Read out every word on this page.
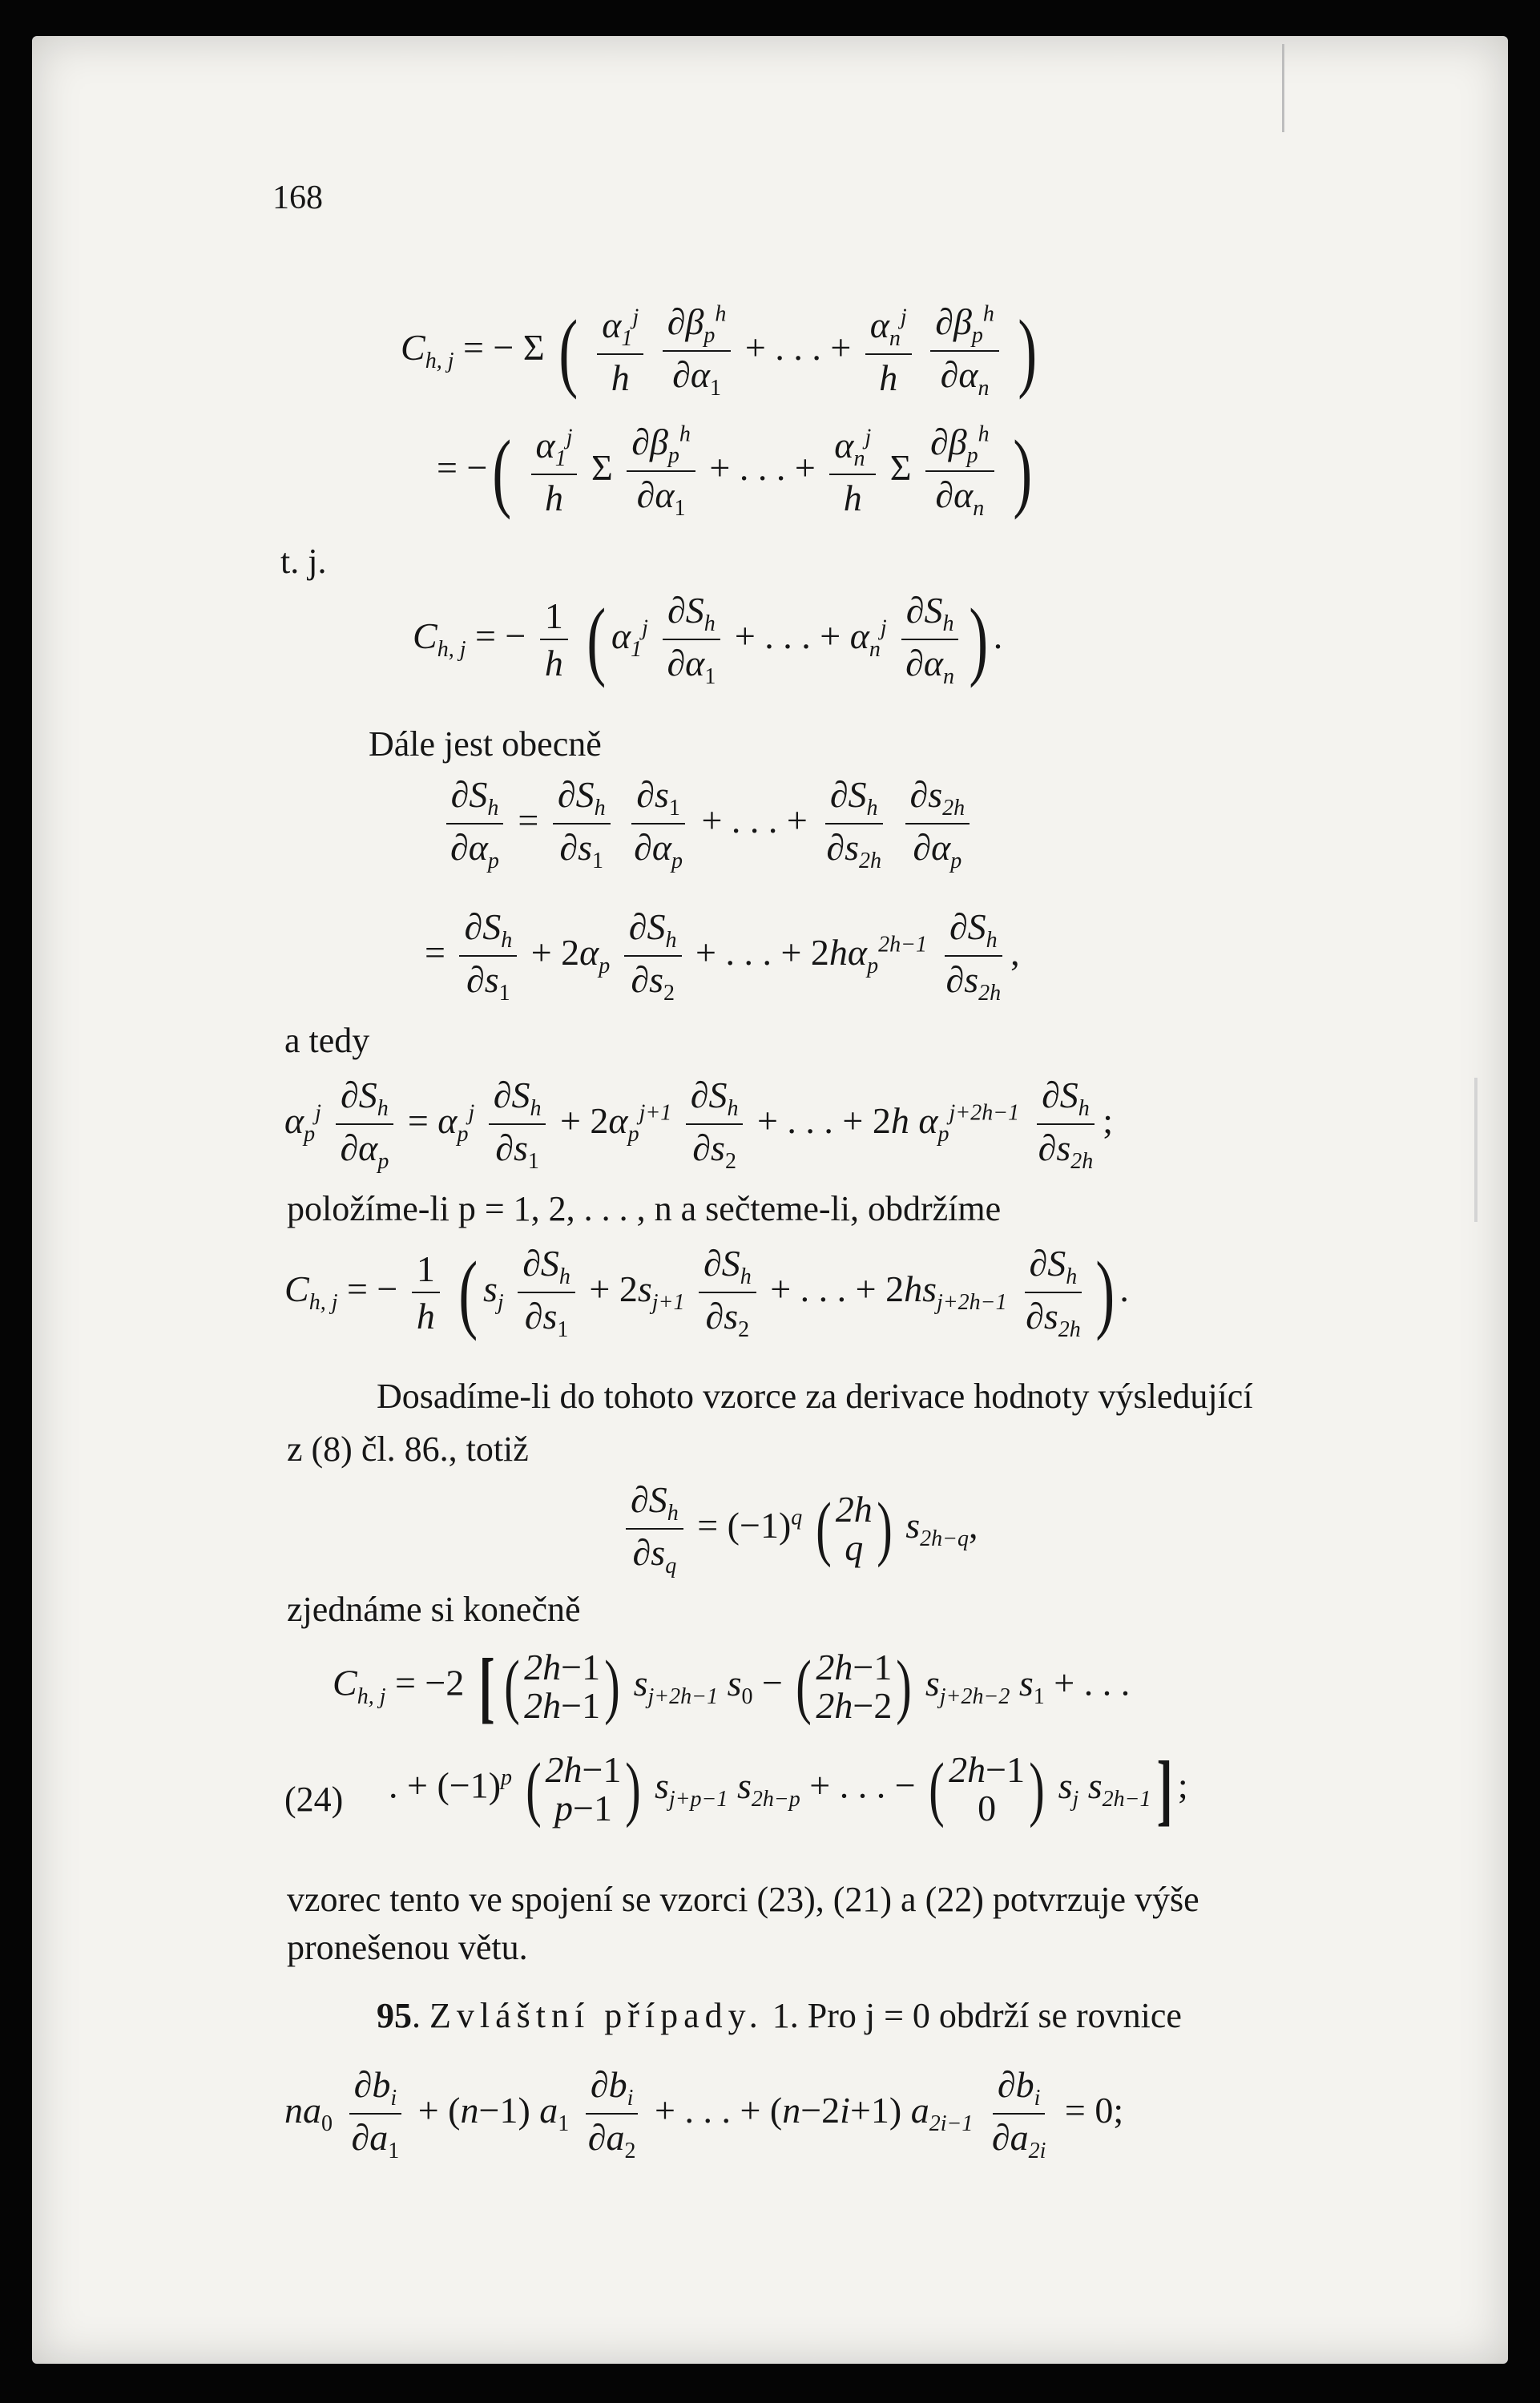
168
$C_{h, j}$ = − Σ ( $\frac{\alpha_1^j}{h}$
$\frac{\partial\beta_p^h}{\partial\alpha_1}$ + . . . + $\frac{\alpha_n^j}{h}$
$\frac{\partial\beta_p^h}{\partial\alpha_n}$ )
= −( $\frac{\alpha_1^j}{h}$ Σ $\frac{\partial\beta_p^h}{\partial\alpha_1}$ + . . . + $\frac{\alpha_n^j}{h}$ Σ $\frac{\partial\beta_p^h}{\partial\alpha_n}$ )
t. j.
$C_{h, j}$ = − $\frac{1}{h}$ ( $\alpha_1^j \frac{\partial S_h}{\partial\alpha_1}$ + . . . + $\alpha_n^j \frac{\partial S_h}{\partial\alpha_n}$ ) .
Dále jest obecně
$\frac{\partial S_h}{\partial\alpha_p} = \frac{\partial S_h}{\partial s_1}$
$\frac{\partial s_1}{\partial\alpha_p}$ + . . . + $\frac{\partial S_h}{\partial s_{2h}}$
$\frac{\partial s_{2h}}{\partial\alpha_p}$
= $\frac{\partial S_h}{\partial s_1} + 2\alpha_p \frac{\partial S_h}{\partial s_2}$ + . . . + $2h\alpha_p^{2h-1} \frac{\partial S_h}{\partial s_{2h}}$ ,
a tedy
$\alpha_p^j \frac{\partial S_h}{\partial\alpha_p} = \alpha_p^j \frac{\partial S_h}{\partial s_1} + 2\alpha_p^{j+1} \frac{\partial S_h}{\partial s_2}$ + . . . + 2h $\alpha_p^{j+2h-1} \frac{\partial S_h}{\partial s_{2h}}$ ;
položíme-li p = 1, 2, . . . , n a sečteme-li, obdržíme
$C_{h, j}$ = − $\frac{1}{h}$ ( $s_j \frac{\partial S_h}{\partial s_1} + 2s_{j+1} \frac{\partial S_h}{\partial s_2}$ + . . . + $2hs_{j+2h-1} \frac{\partial S_h}{\partial s_{2h}}$ ) .
Dosadíme-li do tohoto vzorce za derivace hodnoty výsledující
z (8) čl. 86., totiž
$\frac{\partial S_h}{\partial s_q} = (-1)^q$ ( 2h
q ) $s_{2h-q}$,
zjednáme si konečně
$C_{h, j} = -2$ [ ( 2h−1
2h−1 ) $s_{j+2h-1}$ $s_0$ − ( 2h−1
2h−2 ) $s_{j+2h-2}$ $s_1$ + . . .
(24) . + $(-1)^p$ ( 2h−1
p−1 ) $s_{j+p-1}$ $s_{2h-p}$ + . . . − ( 2h−1
0 ) $s_j$ $s_{2h-1}$] ;
vzorec tento ve spojení se vzorci (23), (21) a (22) potvrzuje výše
pronešenou větu.
95. Zvláštní případy. 1. Pro j = 0 obdrží se rovnice
$na_0 \frac{\partial b_i}{\partial a_1} + (n-1)$ $a_1 \frac{\partial b_i}{\partial a_2}$ + . . . + (n−2i+1) $a_{2i-1} \frac{\partial b_i}{\partial a_{2i}} = 0$;
